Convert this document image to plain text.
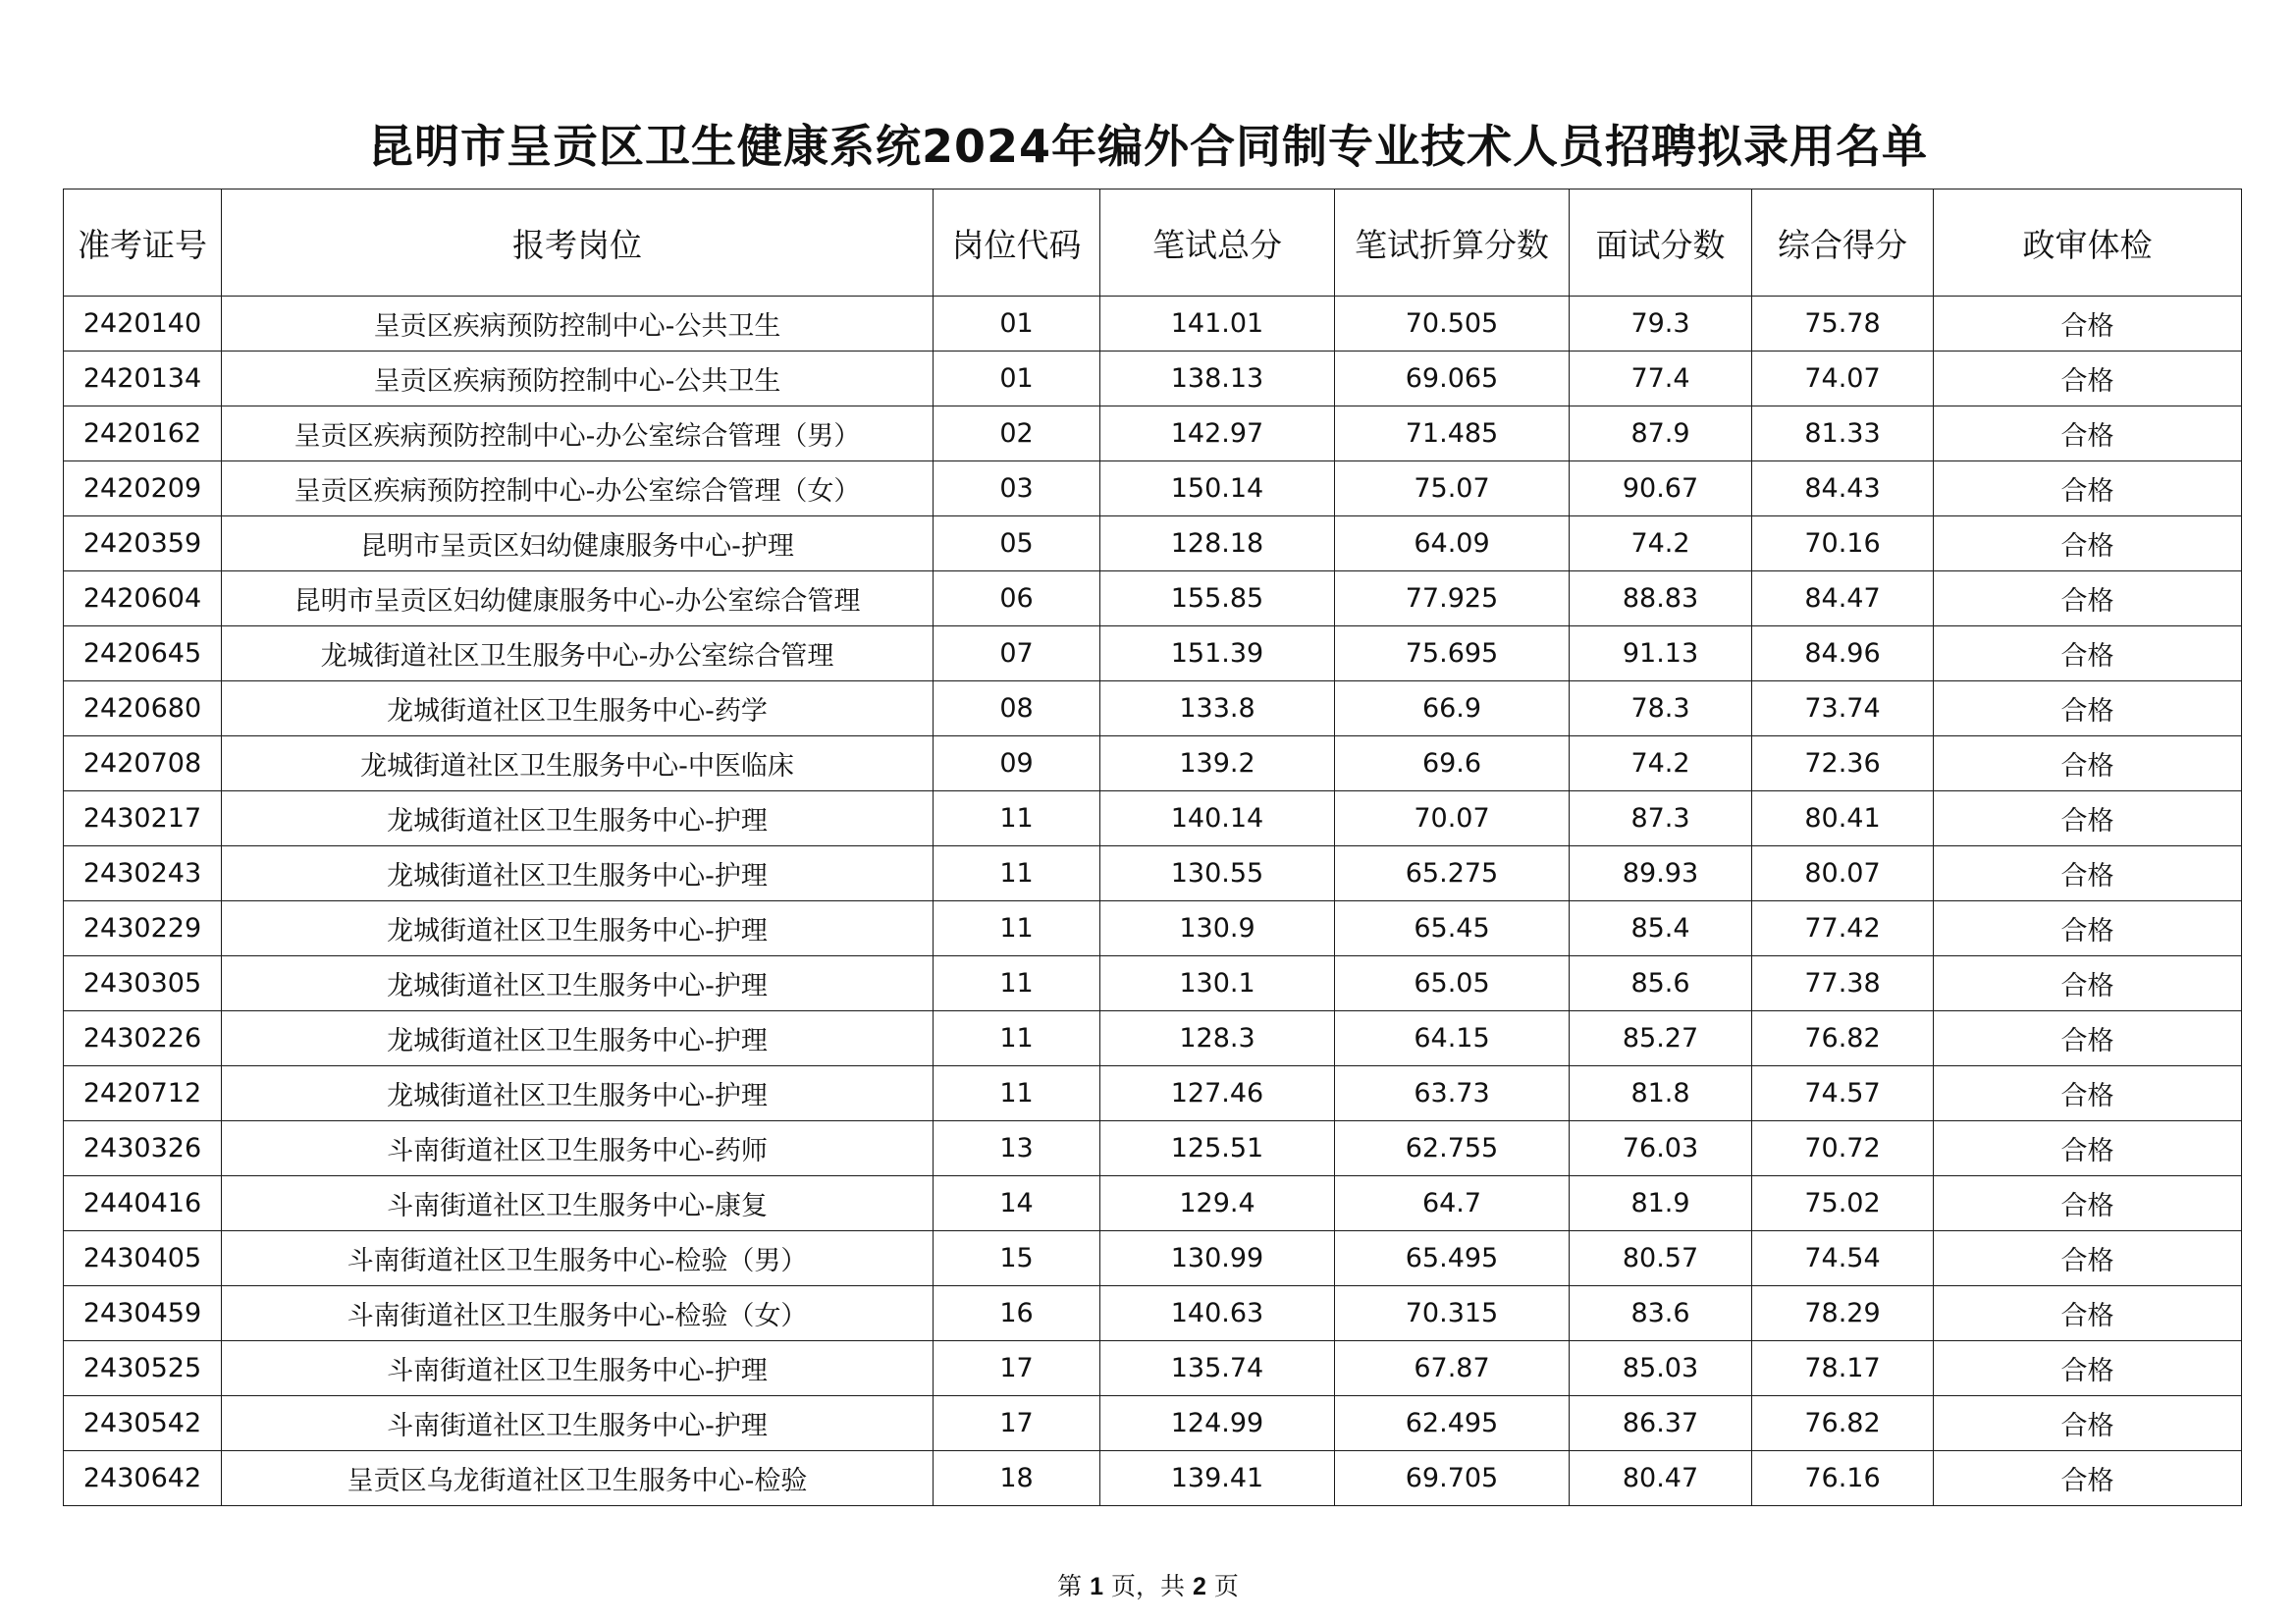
昆明市呈贡区卫生健康系统2024年编外合同制专业技术人员招聘拟录用名单
准考证号	报考岗位	岗位代码	笔试总分	笔试折算分数	面试分数	综合得分	政审体检
2420140	呈贡区疾病预防控制中心-公共卫生	01	141.01	70.505	79.3	75.78	合格
2420134	呈贡区疾病预防控制中心-公共卫生	01	138.13	69.065	77.4	74.07	合格
2420162	呈贡区疾病预防控制中心-办公室综合管理（男）	02	142.97	71.485	87.9	81.33	合格
2420209	呈贡区疾病预防控制中心-办公室综合管理（女）	03	150.14	75.07	90.67	84.43	合格
2420359	昆明市呈贡区妇幼健康服务中心-护理	05	128.18	64.09	74.2	70.16	合格
2420604	昆明市呈贡区妇幼健康服务中心-办公室综合管理	06	155.85	77.925	88.83	84.47	合格
2420645	龙城街道社区卫生服务中心-办公室综合管理	07	151.39	75.695	91.13	84.96	合格
2420680	龙城街道社区卫生服务中心-药学	08	133.8	66.9	78.3	73.74	合格
2420708	龙城街道社区卫生服务中心-中医临床	09	139.2	69.6	74.2	72.36	合格
2430217	龙城街道社区卫生服务中心-护理	11	140.14	70.07	87.3	80.41	合格
2430243	龙城街道社区卫生服务中心-护理	11	130.55	65.275	89.93	80.07	合格
2430229	龙城街道社区卫生服务中心-护理	11	130.9	65.45	85.4	77.42	合格
2430305	龙城街道社区卫生服务中心-护理	11	130.1	65.05	85.6	77.38	合格
2430226	龙城街道社区卫生服务中心-护理	11	128.3	64.15	85.27	76.82	合格
2420712	龙城街道社区卫生服务中心-护理	11	127.46	63.73	81.8	74.57	合格
2430326	斗南街道社区卫生服务中心-药师	13	125.51	62.755	76.03	70.72	合格
2440416	斗南街道社区卫生服务中心-康复	14	129.4	64.7	81.9	75.02	合格
2430405	斗南街道社区卫生服务中心-检验（男）	15	130.99	65.495	80.57	74.54	合格
2430459	斗南街道社区卫生服务中心-检验（女）	16	140.63	70.315	83.6	78.29	合格
2430525	斗南街道社区卫生服务中心-护理	17	135.74	67.87	85.03	78.17	合格
2430542	斗南街道社区卫生服务中心-护理	17	124.99	62.495	86.37	76.82	合格
2430642	呈贡区乌龙街道社区卫生服务中心-检验	18	139.41	69.705	80.47	76.16	合格
第 1 页，共 2 页
